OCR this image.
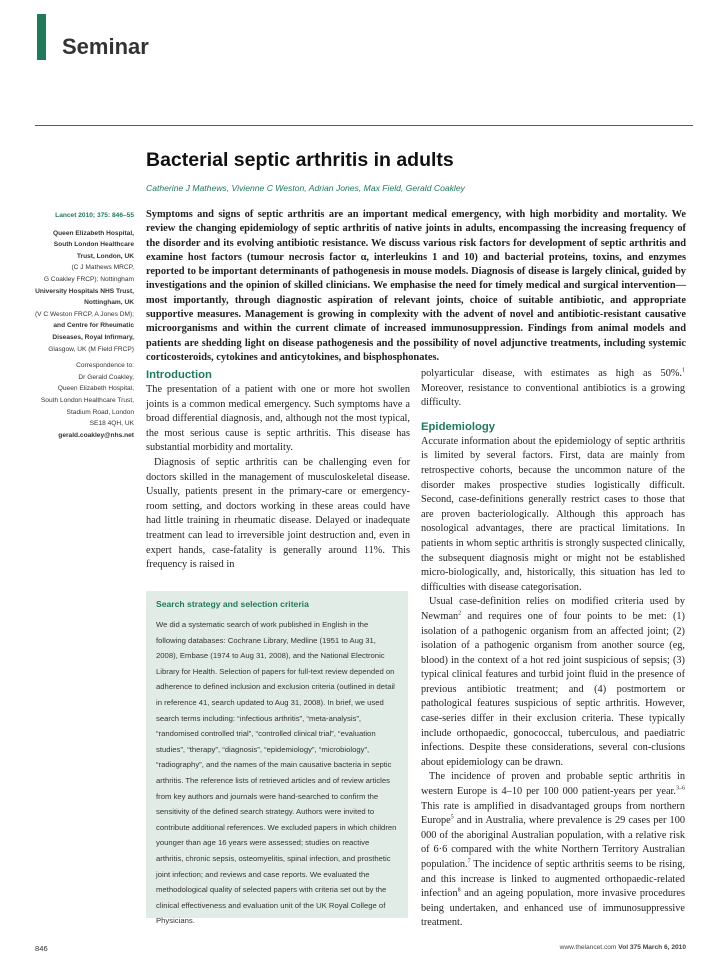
Seminar
Bacterial septic arthritis in adults
Catherine J Mathews, Vivienne C Weston, Adrian Jones, Max Field, Gerald Coakley
Lancet 2010; 375: 846–55
Queen Elizabeth Hospital,
South London Healthcare
Trust, London, UK
(C J Mathews MRCP,
G Coakley FRCP); Nottingham
University Hospitals NHS Trust,
Nottingham, UK
(V C Weston FRCP, A Jones DM);
and Centre for Rheumatic
Diseases, Royal Infirmary,
Glasgow, UK (M Field FRCP)
Correspondence to:
Dr Gerald Coakley,
Queen Elizabeth Hospital,
South London Healthcare Trust,
Stadium Road, London
SE18 4QH, UK
gerald.coakley@nhs.net
Symptoms and signs of septic arthritis are an important medical emergency, with high morbidity and mortality. We review the changing epidemiology of septic arthritis of native joints in adults, encompassing the increasing frequency of the disorder and its evolving antibiotic resistance. We discuss various risk factors for development of septic arthritis and examine host factors (tumour necrosis factor α, interleukins 1 and 10) and bacterial proteins, toxins, and enzymes reported to be important determinants of pathogenesis in mouse models. Diagnosis of disease is largely clinical, guided by investigations and the opinion of skilled clinicians. We emphasise the need for timely medical and surgical intervention—most importantly, through diagnostic aspiration of relevant joints, choice of suitable antibiotic, and appropriate supportive measures. Management is growing in complexity with the advent of novel and antibiotic-resistant causative microorganisms and within the current climate of increased immunosuppression. Findings from animal models and patients are shedding light on disease pathogenesis and the possibility of novel adjunctive treatments, including systemic corticosteroids, cytokines and anticytokines, and bisphosphonates.
Introduction

The presentation of a patient with one or more hot swollen joints is a common medical emergency. Such symptoms have a broad differential diagnosis, and, although not the most typical, the most serious cause is septic arthritis. This disease has substantial morbidity and mortality.

Diagnosis of septic arthritis can be challenging even for doctors skilled in the management of musculoskeletal disease. Usually, patients present in the primary-care or emergency-room setting, and doctors working in these areas could have had little training in rheumatic disease. Delayed or inadequate treatment can lead to irreversible joint destruction and, even in expert hands, case-fatality is generally around 11%. This frequency is raised in

Search strategy and selection criteria

We did a systematic search of work published in English in the following databases: Cochrane Library, Medline (1951 to Aug 31, 2008), Embase (1974 to Aug 31, 2008), and the National Electronic Library for Health. Selection of papers for full-text review depended on adherence to defined inclusion and exclusion criteria (outlined in detail in reference 41, search updated to Aug 31, 2008). In brief, we used search terms including: “infectious arthritis”, “meta-analysis”, “randomised controlled trial”, “controlled clinical trial”, “evaluation studies”, “therapy”, “diagnosis”, “epidemiology”, “microbiology”, “radiography”, and the names of the main causative bacteria in septic arthritis. The reference lists of retrieved articles and of review articles from key authors and journals were hand-searched to confirm the sensitivity of the defined search strategy. Authors were invited to contribute additional references. We excluded papers in which children younger than age 16 years were assessed; studies on reactive arthritis, chronic sepsis, osteomyelitis, spinal infection, and prosthetic joint infection; and reviews and case reports. We evaluated the methodological quality of selected papers with criteria set out by the clinical effectiveness and evaluation unit of the UK Royal College of Physicians.

polyarticular disease, with estimates as high as 50%.$^1$ Moreover, resistance to conventional antibiotics is a growing difficulty.

Epidemiology

Accurate information about the epidemiology of septic arthritis is limited by several factors. First, data are mainly from retrospective cohorts, because the uncommon nature of the disorder makes prospective studies logistically difficult. Second, case-definitions generally restrict cases to those that are proven bacteriologically. Although this approach has nosological advantages, there are practical limitations. In patients in whom septic arthritis is strongly suspected clinically, the subsequent diagnosis might or might not be established micro-biologically, and, historically, this situation has led to difficulties with disease categorisation.

Usual case-definition relies on modified criteria used by Newman$^2$ and requires one of four points to be met: (1) isolation of a pathogenic organism from an affected joint; (2) isolation of a pathogenic organism from another source (eg, blood) in the context of a hot red joint suspicious of sepsis; (3) typical clinical features and turbid joint fluid in the presence of previous antibiotic treatment; and (4) postmortem or pathological features suspicious of septic arthritis. However, case-series differ in their exclusion criteria. These typically include orthopaedic, gonococcal, tuberculous, and paediatric infections. Despite these considerations, several con-clusions about epidemiology can be drawn.

The incidence of proven and probable septic arthritis in western Europe is 4–10 per 100 000 patient-years per year.$^{3-6}$ This rate is amplified in disadvantaged groups from northern Europe$^5$ and in Australia, where prevalence is 29 cases per 100 000 of the aboriginal Australian population, with a relative risk of 6·6 compared with the white Northern Territory Australian population.$^7$ The incidence of septic arthritis seems to be rising, and this increase is linked to augmented orthopaedic-related infection$^8$ and an ageing population, more invasive procedures being undertaken, and enhanced use of immunosuppressive treatment.

846	www.thelancet.com Vol 375 March 6, 2010
